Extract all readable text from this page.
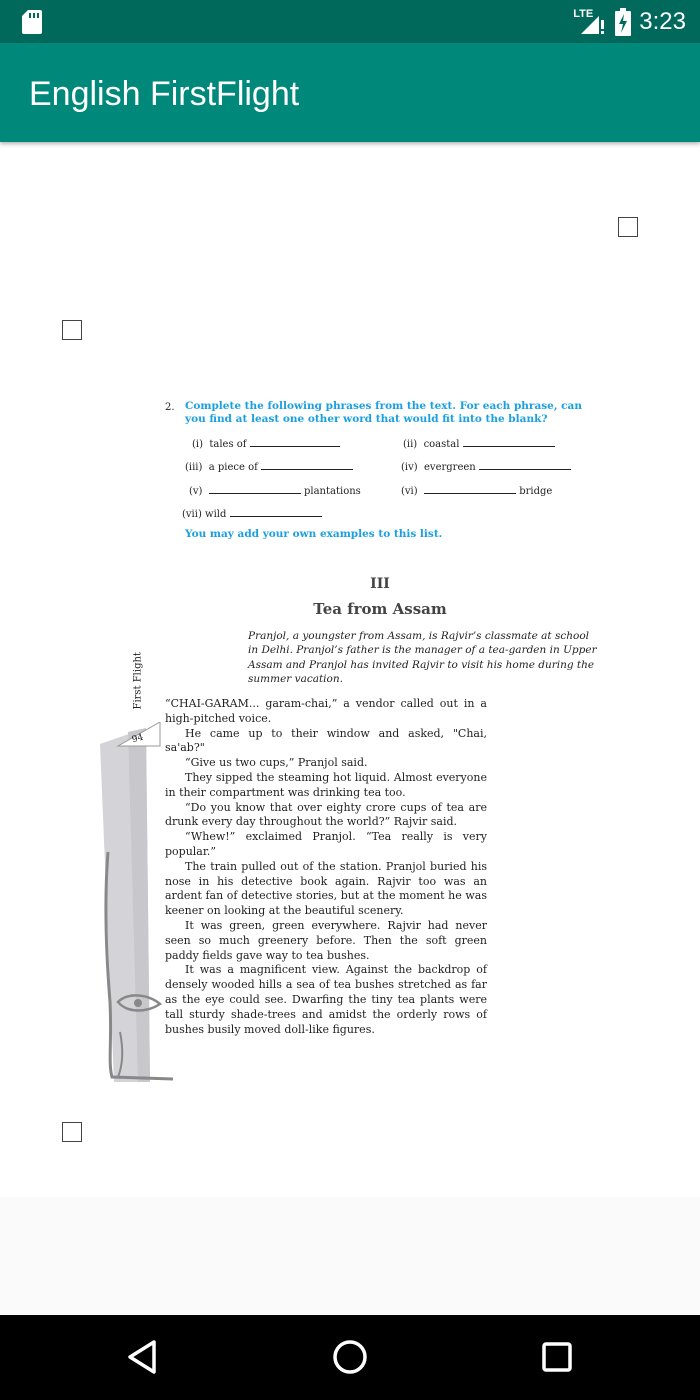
LTE 3:23
English FirstFlight
2. Complete the following phrases from the text. For each phrase, can you find at least one other word that would fit into the blank?
(i) tales of	(ii) coastal
(iii) a piece of	(iv) evergreen
(v)	plantations	(vi)	bridge
(vii) wild
You may add your own examples to this list.
III
Tea from Assam
Pranjol, a youngster from Assam, is Rajvir’s classmate at school in Delhi. Pranjol’s father is the manager of a tea-garden in Upper Assam and Pranjol has invited Rajvir to visit his home during the summer vacation.
First Flight
94

“CHAI-GARAM... garam-chai,” a vendor called out in a high-pitched voice.

He came up to their window and asked, "Chai, sa'ab?"

“Give us two cups,” Pranjol said.

They sipped the steaming hot liquid. Almost everyone in their compartment was drinking tea too.

“Do you know that over eighty crore cups of tea are drunk every day throughout the world?” Rajvir said.

“Whew!” exclaimed Pranjol. “Tea really is very popular.”

The train pulled out of the station. Pranjol buried his nose in his detective book again. Rajvir too was an ardent fan of detective stories, but at the moment he was keener on looking at the beautiful scenery.

It was green, green everywhere. Rajvir had never seen so much greenery before. Then the soft green paddy fields gave way to tea bushes.

It was a magnificent view. Against the backdrop of densely wooded hills a sea of tea bushes stretched as far as the eye could see. Dwarfing the tiny tea plants were tall sturdy shade-trees and amidst the orderly rows of bushes busily moved doll-like figures.
